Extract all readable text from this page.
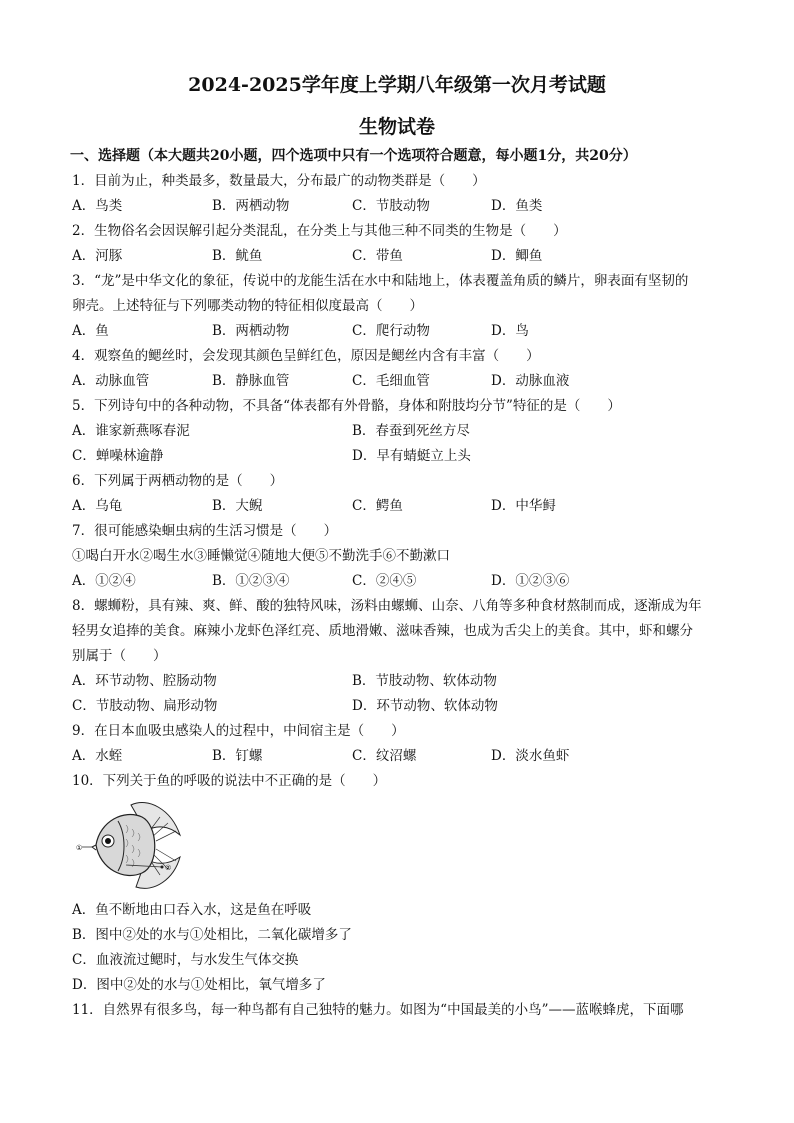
2024-2025学年度上学期八年级第一次月考试题
生物试卷
一、选择题（本大题共20小题，四个选项中只有一个选项符合题意，每小题1分，共20分）
1．目前为止，种类最多，数量最大，分布最广的动物类群是（　　）
A．鸟类	B．两栖动物	C．节肢动物	D．鱼类
2．生物俗名会因误解引起分类混乱，在分类上与其他三种不同类的生物是（　　）
A．河豚	B．鱿鱼	C．带鱼	D．鲫鱼
3．“龙”是中华文化的象征，传说中的龙能生活在水中和陆地上，体表覆盖角质的鳞片，卵表面有坚韧的
卵壳。上述特征与下列哪类动物的特征相似度最高（　　）
A．鱼	B．两栖动物	C．爬行动物	D．鸟
4．观察鱼的鳃丝时，会发现其颜色呈鲜红色，原因是鳃丝内含有丰富（　　）
A．动脉血管	B．静脉血管	C．毛细血管	D．动脉血液
5．下列诗句中的各种动物，不具备“体表都有外骨骼，身体和附肢均分节”特征的是（　　）
A．谁家新燕啄春泥	B．春蚕到死丝方尽
C．蝉噪林逾静	D．早有蜻蜓立上头
6．下列属于两栖动物的是（　　）
A．乌龟	B．大鲵	C．鳄鱼	D．中华鲟
7．很可能感染蛔虫病的生活习惯是（　　）
①喝白开水②喝生水③睡懒觉④随地大便⑤不勤洗手⑥不勤漱口
A．①②④	B．①②③④	C．②④⑤	D．①②③⑥
8．螺蛳粉，具有辣、爽、鲜、酸的独特风味，汤料由螺蛳、山奈、八角等多种食材熬制而成，逐渐成为年
轻男女追捧的美食。麻辣小龙虾色泽红亮、质地滑嫩、滋味香辣，也成为舌尖上的美食。其中，虾和螺分
别属于（　　）
A．环节动物、腔肠动物	B．节肢动物、软体动物
C．节肢动物、扁形动物	D．环节动物、软体动物
9．在日本血吸虫感染人的过程中，中间宿主是（　　）
A．水蛭	B．钉螺	C．纹沼螺	D．淡水鱼虾
10．下列关于鱼的呼吸的说法中不正确的是（　　）
①
②
A．鱼不断地由口吞入水，这是鱼在呼吸
B．图中②处的水与①处相比，二氧化碳增多了
C．血液流过鳃时，与水发生气体交换
D．图中②处的水与①处相比，氧气增多了
11．自然界有很多鸟，每一种鸟都有自己独特的魅力。如图为“中国最美的小鸟”——蓝喉蜂虎，下面哪
